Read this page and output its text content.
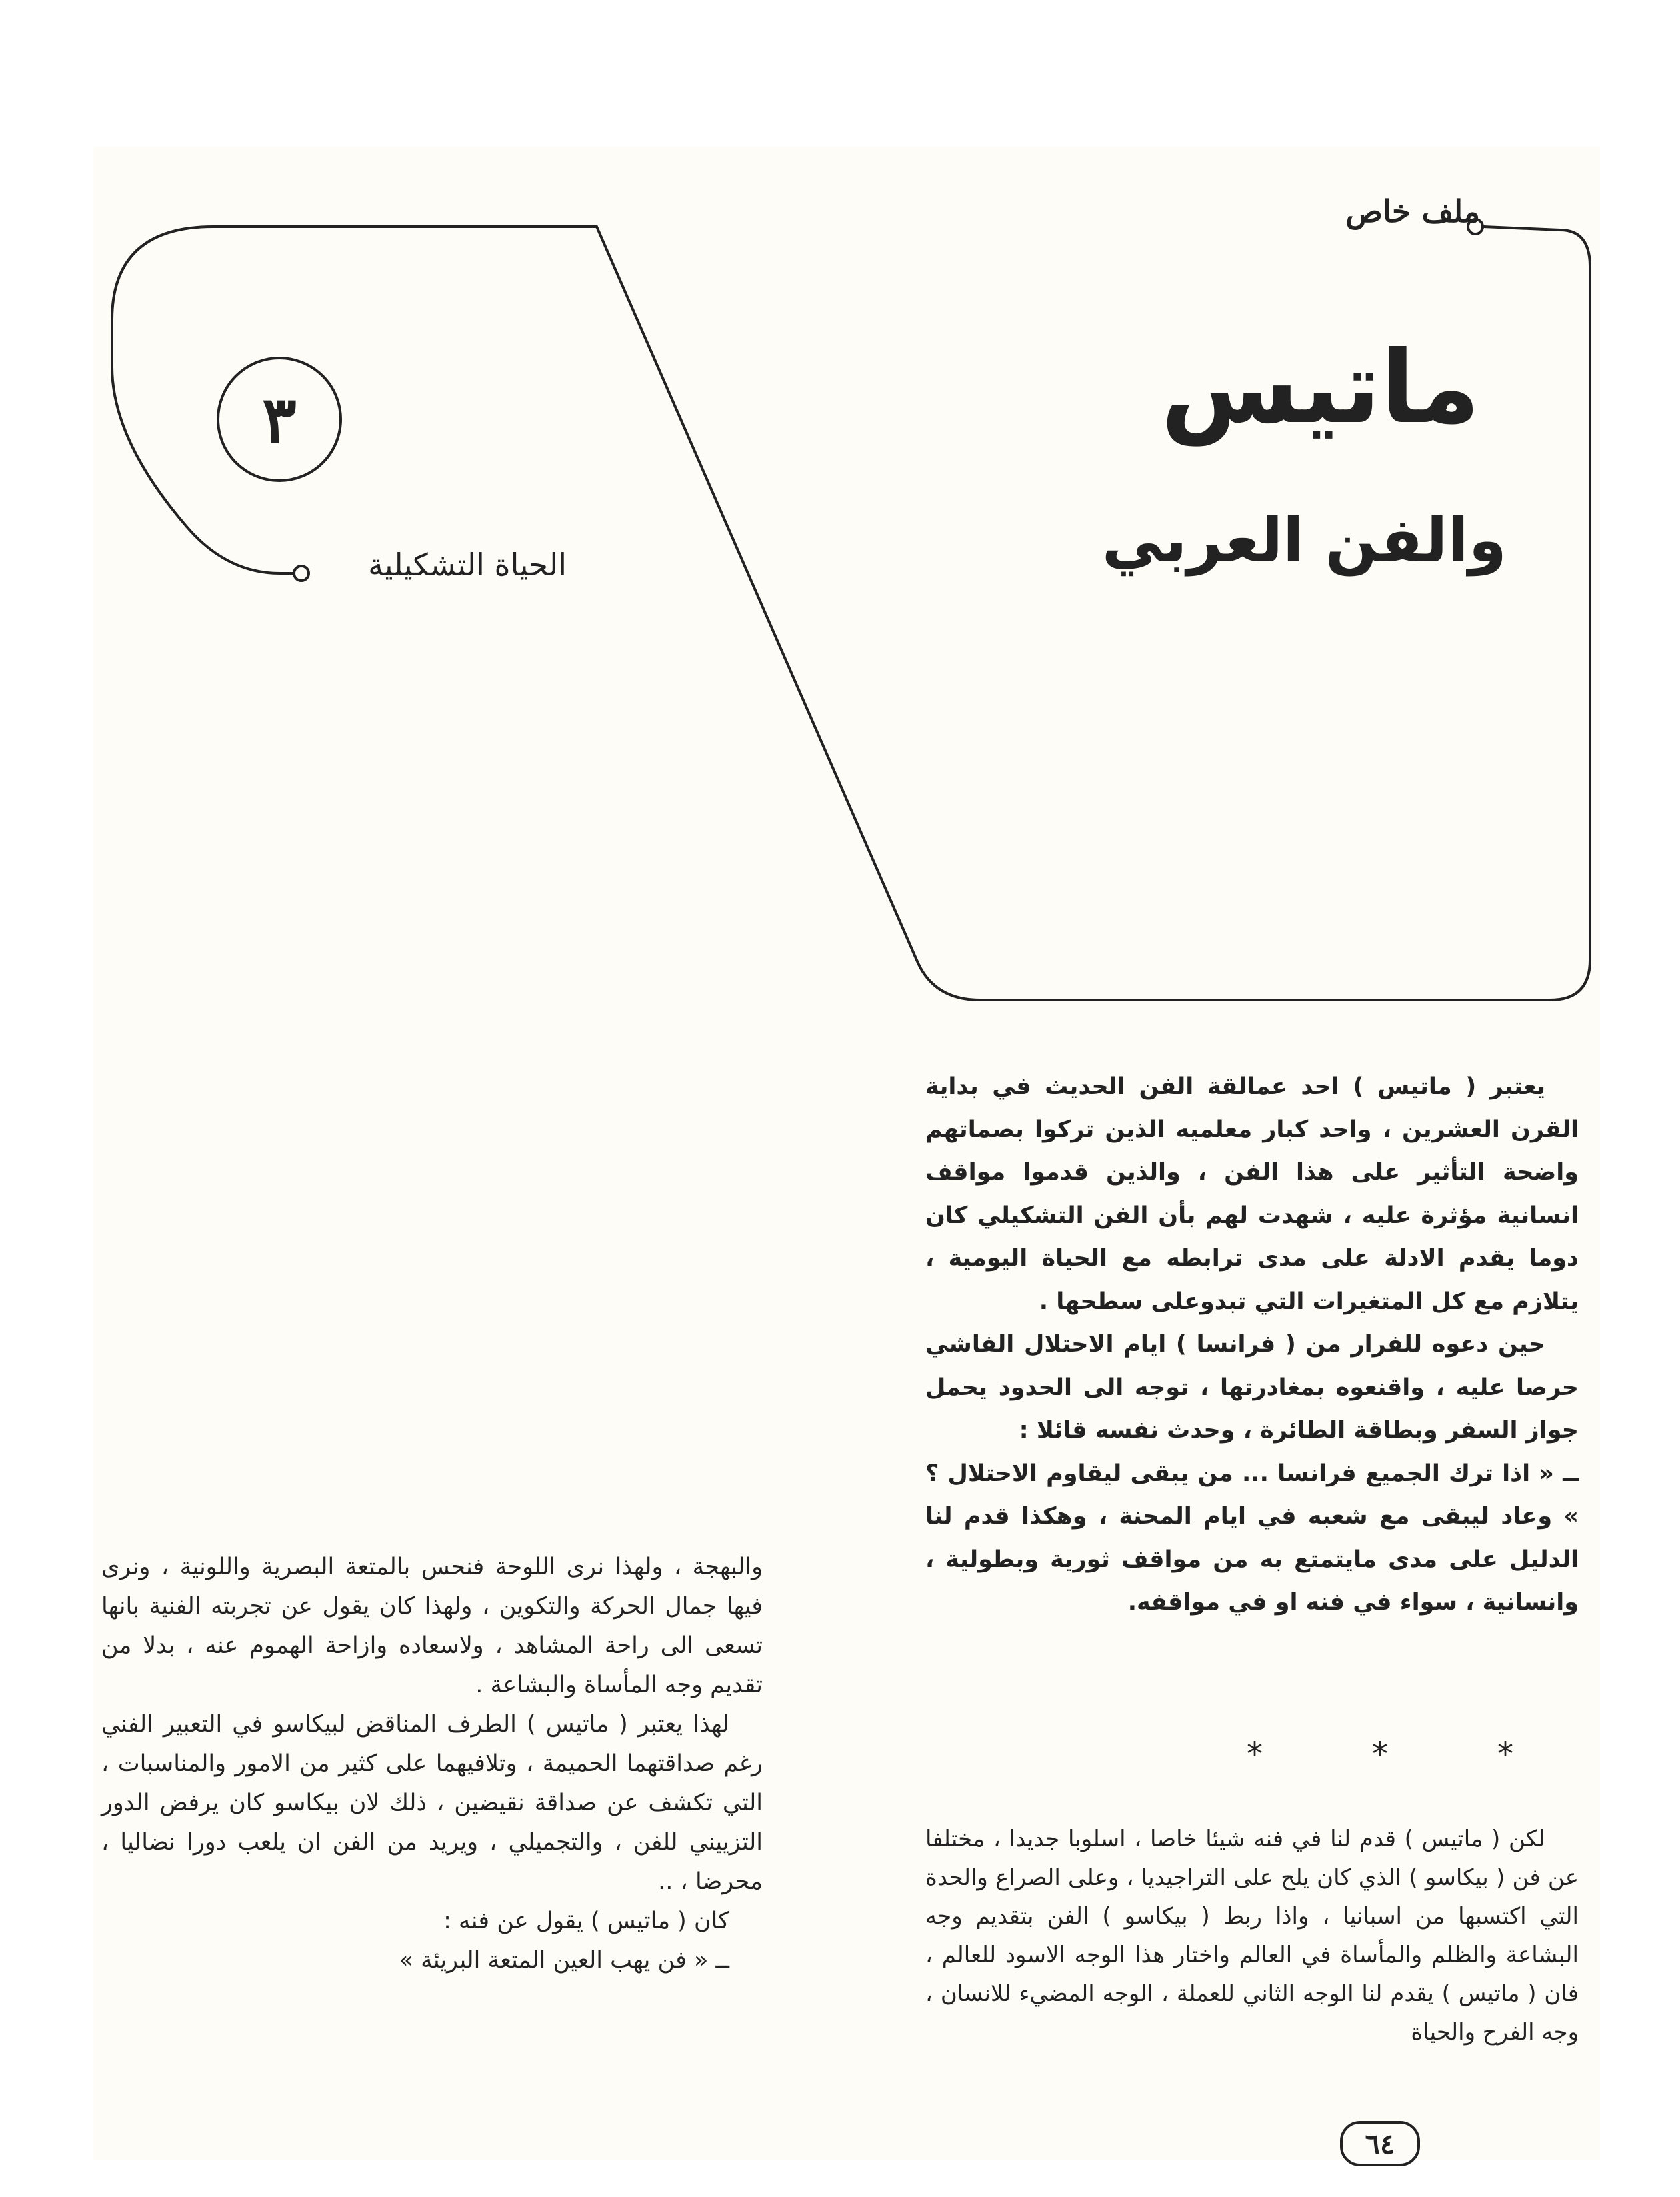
ملف خاص
ماتيس
والفن العربي
٣
الحياة التشكيلية

يعتبر ( ماتيس ) احد عمالقة الفن الحديث في بداية القرن العشرين ، واحد كبار معلميه الذين تركوا بصماتهم واضحة التأثير على هذا الفن ، والذين قدموا مواقف انسانية مؤثرة عليه ، شهدت لهم بأن الفن التشكيلي كان دوما يقدم الادلة على مدى ترابطه مع الحياة اليومية ، يتلازم مع كل المتغيرات التي تبدوعلى سطحها .

حين دعوه للفرار من ( فرانسا ) ايام الاحتلال الفاشي حرصا عليه ، واقنعوه بمغادرتها ، توجه الى الحدود يحمل جواز السفر وبطاقة الطائرة ، وحدث نفسه قائلا :

ــ « اذا ترك الجميع فرانسا ... من يبقى ليقاوم الاحتلال ؟ » وعاد ليبقى مع شعبه في ايام المحنة ، وهكذا قدم لنا الدليل على مدى مايتمتع به من مواقف ثورية وبطولية ، وانسانية ، سواء في فنه او في مواقفه.

*	*	*

لكن ( ماتيس ) قدم لنا في فنه شيئا خاصا ، اسلوبا جديدا ، مختلفا عن فن ( بيكاسو ) الذي كان يلح على التراجيديا ، وعلى الصراع والحدة التي اكتسبها من اسبانيا ، واذا ربط ( بيكاسو ) الفن بتقديم وجه البشاعة والظلم والمأساة في العالم واختار هذا الوجه الاسود للعالم ، فان ( ماتيس ) يقدم لنا الوجه الثاني للعملة ، الوجه المضيء للانسان ، وجه الفرح والحياة

والبهجة ، ولهذا نرى اللوحة فنحس بالمتعة البصرية واللونية ، ونرى فيها جمال الحركة والتكوين ، ولهذا كان يقول عن تجربته الفنية بانها تسعى الى راحة المشاهد ، ولاسعاده وازاحة الهموم عنه ، بدلا من تقديم وجه المأساة والبشاعة .

لهذا يعتبر ( ماتيس ) الطرف المناقض لبيكاسو في التعبير الفني رغم صداقتهما الحميمة ، وتلافيهما على كثير من الامور والمناسبات ، التي تكشف عن صداقة نقيضين ، ذلك لان بيكاسو كان يرفض الدور التزييني للفن ، والتجميلي ، ويريد من الفن ان يلعب دورا نضاليا ، محرضا ، ..

كان ( ماتيس ) يقول عن فنه :

ــ « فن يهب العين المتعة البريئة »

٦٤
